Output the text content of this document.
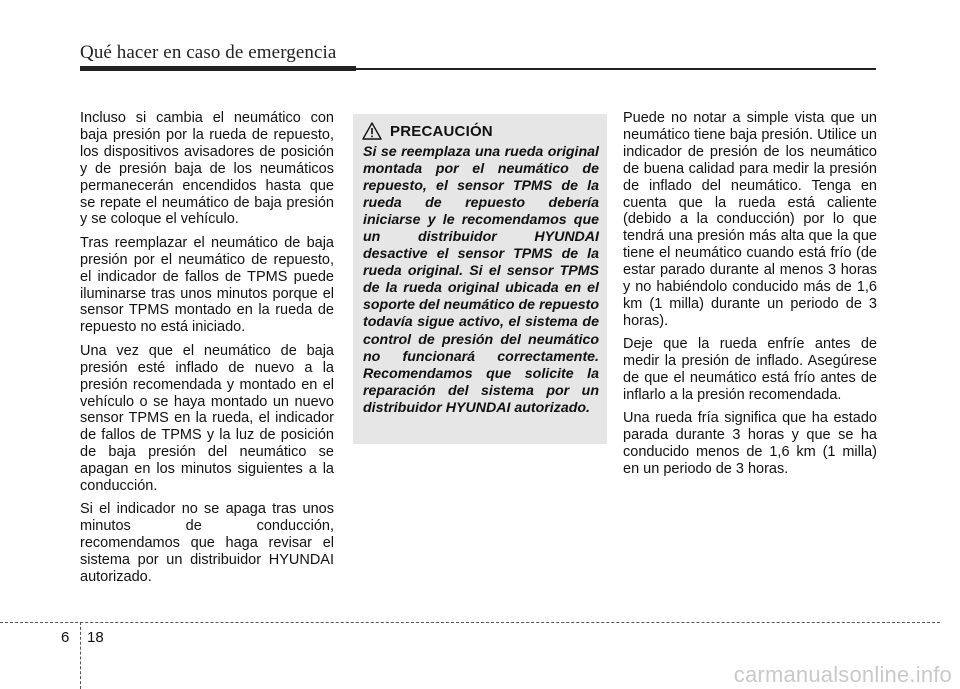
Qué hacer en caso de emergencia

Incluso si cambia el neumático con baja presión por la rueda de repuesto, los dispositivos avisadores de posición y de presión baja de los neumáticos permanecerán encendidos hasta que se repate el neumático de baja presión y se coloque el vehículo.

Tras reemplazar el neumático de baja presión por el neumático de repuesto, el indicador de fallos de TPMS puede iluminarse tras unos minutos porque el sensor TPMS montado en la rueda de repuesto no está iniciado.

Una vez que el neumático de baja presión esté inflado de nuevo a la presión recomendada y montado en el vehículo o se haya montado un nuevo sensor TPMS en la rueda, el indicador de fallos de TPMS y la luz de posición de baja presión del neumático se apagan en los minutos siguientes a la conducción.

Si el indicador no se apaga tras unos minutos de conducción, recomendamos que haga revisar el sistema por un distribuidor HYUNDAI autorizado.

PRECAUCIÓN

Si se reemplaza una rueda original montada por el neumático de repuesto, el sensor TPMS de la rueda de repuesto debería iniciarse y le recomendamos que un distribuidor HYUNDAI desactive el sensor TPMS de la rueda original. Si el sensor TPMS de la rueda original ubicada en el soporte del neumático de repuesto todavía sigue activo, el sistema de control de presión del neumático no funcionará correctamente. Recomendamos que solicite la reparación del sistema por un distribuidor HYUNDAI autorizado.

Puede no notar a simple vista que un neumático tiene baja presión. Utilice un indicador de presión de los neumático de buena calidad para medir la presión de inflado del neumático. Tenga en cuenta que la rueda está caliente (debido a la conducción) por lo que tendrá una presión más alta que la que tiene el neumático cuando está frío (de estar parado durante al menos 3 horas y no habiéndolo conducido más de 1,6 km (1 milla) durante un periodo de 3 horas).

Deje que la rueda enfríe antes de medir la presión de inflado. Asegúrese de que el neumático está frío antes de inflarlo a la presión recomendada.

Una rueda fría significa que ha estado parada durante 3 horas y que se ha conducido menos de 1,6 km (1 milla) en un periodo de 3 horas.

6 18
carmanualsonline.info
